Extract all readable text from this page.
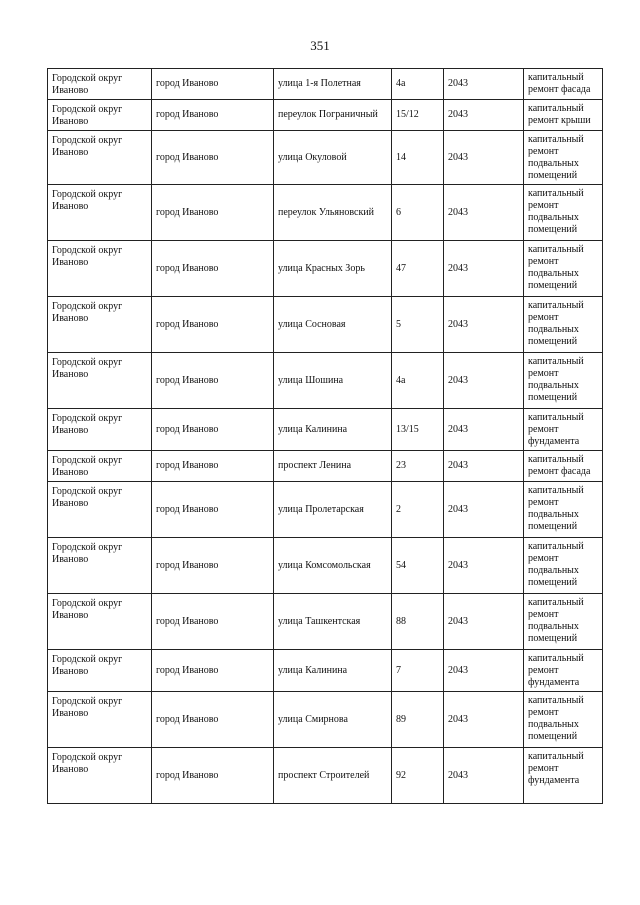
351
Городской округ Иваново	город Иваново	улица 1-я Полетная	4а	2043	капитальный ремонт фасада
Городской округ Иваново	город Иваново	переулок Пограничный	15/12	2043	капитальный ремонт крыши
Городской округ Иваново	город Иваново	улица Окуловой	14	2043	капитальный ремонт подвальных помещений
Городской округ Иваново	город Иваново	переулок Ульяновский	6	2043	капитальный ремонт подвальных помещений
Городской округ Иваново	город Иваново	улица Красных Зорь	47	2043	капитальный ремонт подвальных помещений
Городской округ Иваново	город Иваново	улица Сосновая	5	2043	капитальный ремонт подвальных помещений
Городской округ Иваново	город Иваново	улица Шошина	4а	2043	капитальный ремонт подвальных помещений
Городской округ Иваново	город Иваново	улица Калинина	13/15	2043	капитальный ремонт фундамента
Городской округ Иваново	город Иваново	проспект Ленина	23	2043	капитальный ремонт фасада
Городской округ Иваново	город Иваново	улица Пролетарская	2	2043	капитальный ремонт подвальных помещений
Городской округ Иваново	город Иваново	улица Комсомольская	54	2043	капитальный ремонт подвальных помещений
Городской округ Иваново	город Иваново	улица Ташкентская	88	2043	капитальный ремонт подвальных помещений
Городской округ Иваново	город Иваново	улица Калинина	7	2043	капитальный ремонт фундамента
Городской округ Иваново	город Иваново	улица Смирнова	89	2043	капитальный ремонт подвальных помещений
Городской округ Иваново	город Иваново	проспект Строителей	92	2043	капитальный ремонт фундамента
